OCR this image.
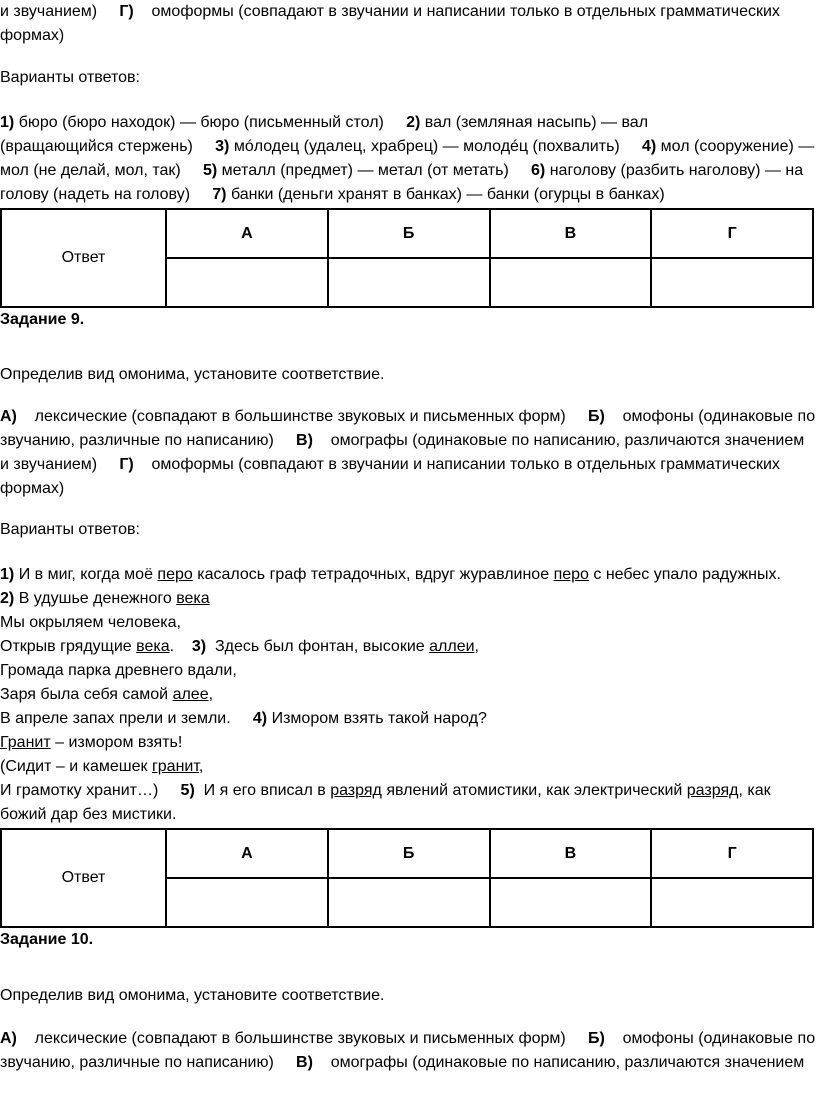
и звучанием) Г) омоформы (совпадают в звучании и написании только в отдельных грамматических
формах)
Варианты ответов:
1) бюро (бюро находок) — бюро (письменный стол) 2) вал (земляная насыпь) — вал
(вращающийся стержень) 3) мóлодец (удалец, храбрец) — молодéц (похвалить) 4) мол (сооружение) —
мол (не делай, мол, так) 5) металл (предмет) — метал (от метать) 6) наголову (разбить наголову) — на
голову (надеть на голову) 7) банки (деньги хранят в банках) — банки (огурцы в банках)
Ответ	А	Б	В	Г

Задание 9.
Определив вид омонима, установите соответствие.
А) лексические (совпадают в большинстве звуковых и письменных форм) Б) омофоны (одинаковые по
звучанию, различные по написанию) В) омографы (одинаковые по написанию, различаются значением
и звучанием) Г) омоформы (совпадают в звучании и написании только в отдельных грамматических
формах)
Варианты ответов:
1) И в миг, когда моё перо касалось граф тетрадочных, вдруг журавлиное перо с небес упало радужных.
2) В удушье денежного века
Мы окрыляем человека,
Открыв грядущие века.    3) Здесь был фонтан, высокие аллеи,
Громада парка древнего вдали,
Заря была себя самой алее,
В апреле запах прели и земли. 4) Измором взять такой народ?
Гранит – измором взять!
(Сидит – и камешек гранит,
И грамотку хранит…) 5) И я его вписал в разряд явлений атомистики, как электрический разряд, как
божий дар без мистики.
Ответ	А	Б	В	Г

Задание 10.
Определив вид омонима, установите соответствие.
А) лексические (совпадают в большинстве звуковых и письменных форм) Б) омофоны (одинаковые по
звучанию, различные по написанию) В) омографы (одинаковые по написанию, различаются значением
